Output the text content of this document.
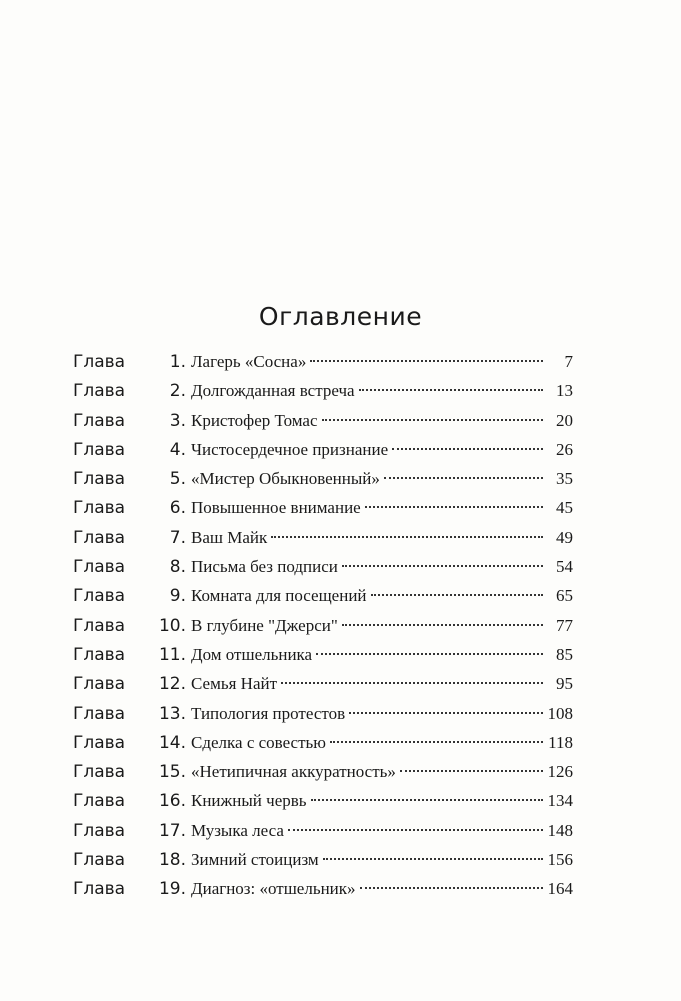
Оглавление
Глава	1. Лагерь «Сосна»	7
Глава	2. Долгожданная встреча	13
Глава	3. Кристофер Томас	20
Глава	4. Чистосердечное признание	26
Глава	5. «Мистер Обыкновенный»	35
Глава	6. Повышенное внимание	45
Глава	7. Ваш Майк	49
Глава	8. Письма без подписи	54
Глава	9. Комната для посещений	65
Глава	10. В глубине "Джерси"	77
Глава	11. Дом отшельника	85
Глава	12. Семья Найт	95
Глава	13. Типология протестов	108
Глава	14. Сделка с совестью	118
Глава	15. «Нетипичная аккуратность»	126
Глава	16. Книжный червь	134
Глава	17. Музыка леса	148
Глава	18. Зимний стоицизм	156
Глава	19. Диагноз: «отшельник»	164
